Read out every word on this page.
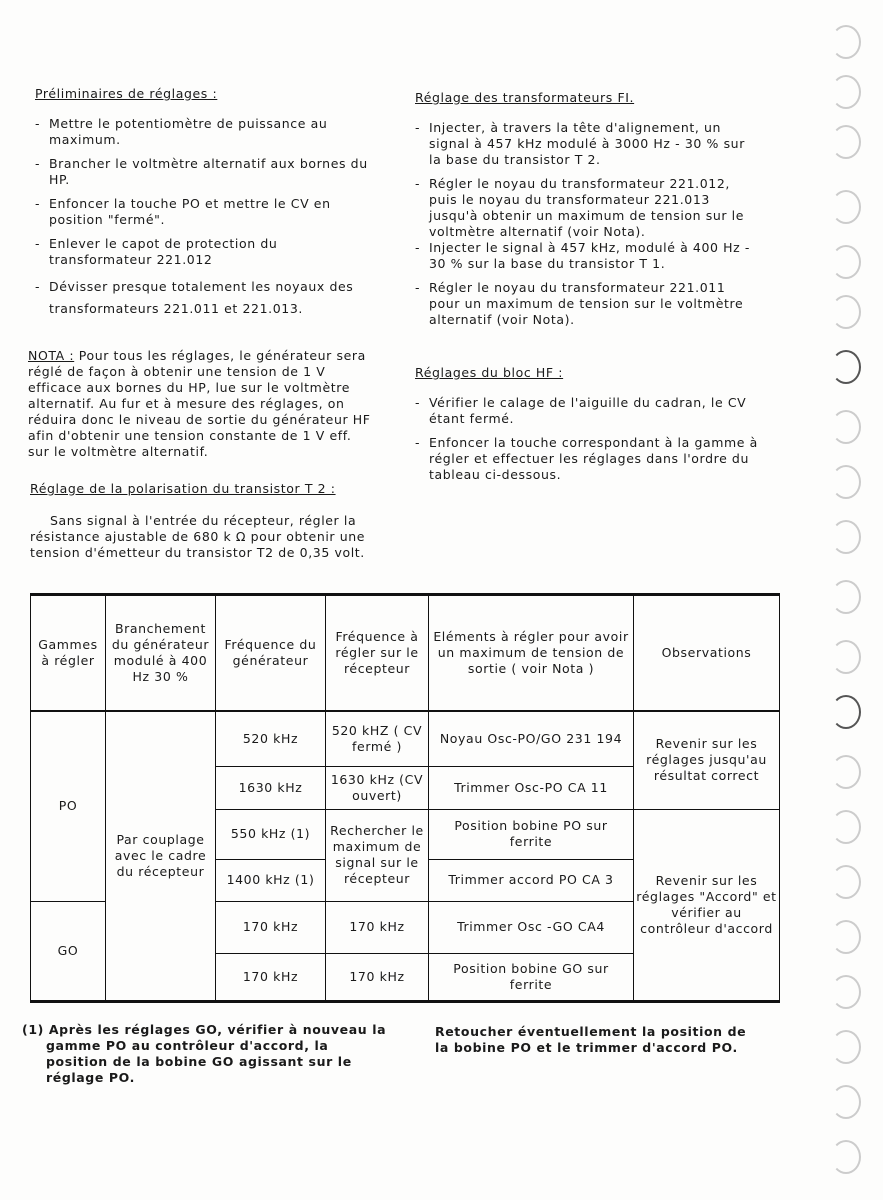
Préliminaires de réglages :

- Mettre le potentiomètre de puissance au maximum.
- Brancher le voltmètre alternatif aux bornes du HP.
- Enfoncer la touche PO et mettre le CV en position "fermé".
- Enlever le capot de protection du transformateur 221.012
- Dévisser presque totalement les noyaux des transformateurs 221.011 et 221.013.
NOTA : Pour tous les réglages, le générateur sera réglé de façon à obtenir une tension de 1 V efficace aux bornes du HP, lue sur le voltmètre alternatif. Au fur et à mesure des réglages, on réduira donc le niveau de sortie du générateur HF afin d'obtenir une tension constante de 1 V eff. sur le voltmètre alternatif.

Réglage de la polarisation du transistor T 2 :

Sans signal à l'entrée du récepteur, régler la résistance ajustable de 680 k Ω pour obtenir une tension d'émetteur du transistor T2 de 0,35 volt.

Réglage des transformateurs FI.

- Injecter, à travers la tête d'alignement, un signal à 457 kHz modulé à 3000 Hz - 30 % sur la base du transistor T 2.
- Régler le noyau du transformateur 221.012, puis le noyau du transformateur 221.013 jusqu'à obtenir un maximum de tension sur le voltmètre alternatif (voir Nota).
- Injecter le signal à 457 kHz, modulé à 400 Hz - 30 % sur la base du transistor T 1.
- Régler le noyau du transformateur 221.011 pour un maximum de tension sur le voltmètre alternatif (voir Nota).

Réglages du bloc HF :

- Vérifier le calage de l'aiguille du cadran, le CV étant fermé.
- Enfoncer la touche correspondant à la gamme à régler et effectuer les réglages dans l'ordre du tableau ci-dessous.
Gammes à régler	Branchement du générateur modulé à 400 Hz 30 %	Fréquence du générateur	Fréquence à régler sur le récepteur	Eléments à régler pour avoir un maximum de tension de sortie ( voir Nota )	Observations
PO	Par couplage avec le cadre du récepteur	520 kHz	520 kHZ ( CV fermé )	Noyau Osc-PO/GO 231 194	Revenir sur les réglages jusqu'au résultat correct
		1630 kHz	1630 kHz (CV ouvert)	Trimmer Osc-PO CA 11	
		550 kHz (1)	Rechercher le maximum de signal sur le récepteur	Position bobine PO sur ferrite	Revenir sur les réglages "Accord" et vérifier au contrôleur d'accord
		1400 kHz (1)		Trimmer accord PO CA 3	
GO		170 kHz	170 kHz	Trimmer Osc -GO CA4	
		170 kHz	170 kHz	Position bobine GO sur ferrite	
(1) Après les réglages GO, vérifier à nouveau la gamme PO au contrôleur d'accord, la position de la bobine GO agissant sur le réglage PO.
Retoucher éventuellement la position de la bobine PO et le trimmer d'accord PO.
